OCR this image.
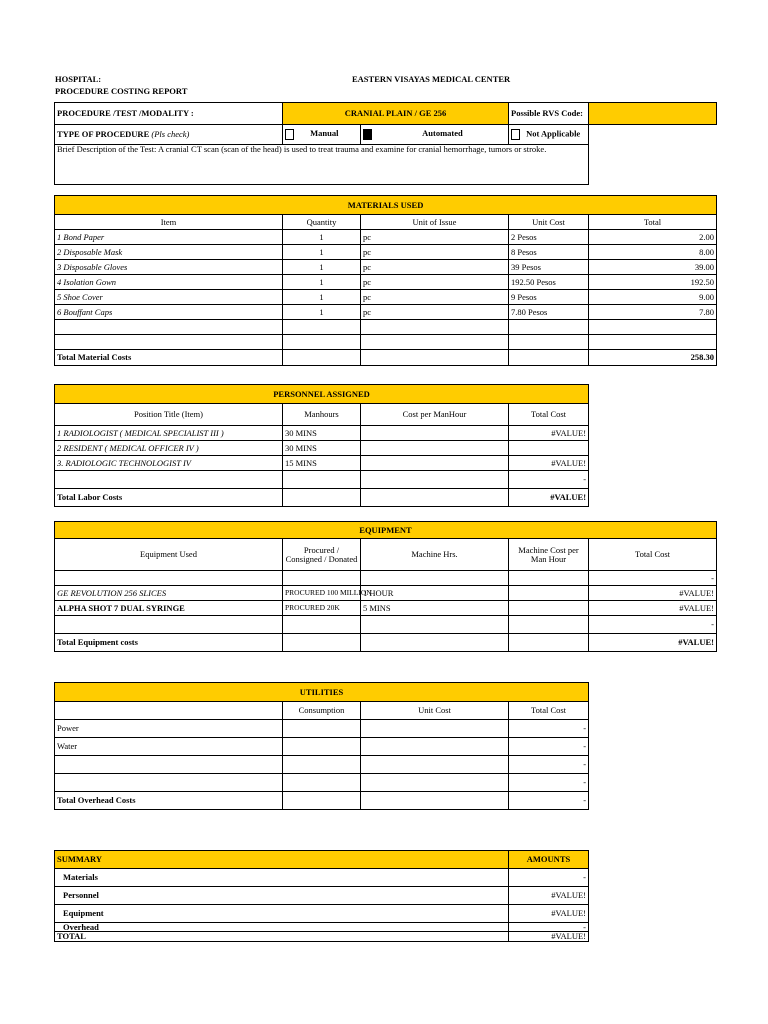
HOSPITAL:	EASTERN VISAYAS MEDICAL CENTER
PROCEDURE COSTING REPORT
PROCEDURE /TEST /MODALITY :	CRANIAL PLAIN / GE 256	Possible RVS Code:	
TYPE OF PROCEDURE (Pls check)	Manual	Automated	Not Applicable
Brief Description of the Test: A cranial CT scan (scan of the head) is used to treat trauma and examine for cranial hemorrhage, tumors or stroke.
MATERIALS USED				
Item	Quantity	Unit of Issue	Unit Cost	Total
1 Bond Paper	1	pc	2 Pesos	2.00
2 Disposable Mask	1	pc	8 Pesos	8.00
3 Disposable Gloves	1	pc	39 Pesos	39.00
4 Isolation Gown	1	pc	192.50 Pesos	192.50
5 Shoe Cover	1	pc	9 Pesos	9.00
6 Bouffant Caps	1	pc	7.80 Pesos	7.80

Total Material Costs				258.30
PERSONNEL ASSIGNED			
Position Title (Item)	Manhours	Cost per ManHour	Total Cost
1 RADIOLOGIST ( MEDICAL SPECIALIST III )	30 MINS		#VALUE!
2 RESIDENT ( MEDICAL OFFICER IV )	30 MINS		
3. RADIOLOGIC TECHNOLOGIST IV	15 MINS		#VALUE!
			-
Total Labor Costs			#VALUE!
EQUIPMENT				
Equipment Used	Procured / Consigned / Donated	Machine Hrs.	Machine Cost per Man Hour	Total Cost
				-
GE REVOLUTION 256 SLICES	PROCURED 100 MILLION	1 HOUR		#VALUE!
ALPHA SHOT 7 DUAL SYRINGE	PROCURED 20K	5 MINS		#VALUE!
				-
Total Equipment costs				#VALUE!
UTILITIES			
	Consumption	Unit Cost	Total Cost
Power			-
Water			-
			-
			-
Total Overhead Costs			-
SUMMARY	AMOUNTS
Materials	-
Personnel	#VALUE!
Equipment	#VALUE!
Overhead	-
TOTAL	#VALUE!
